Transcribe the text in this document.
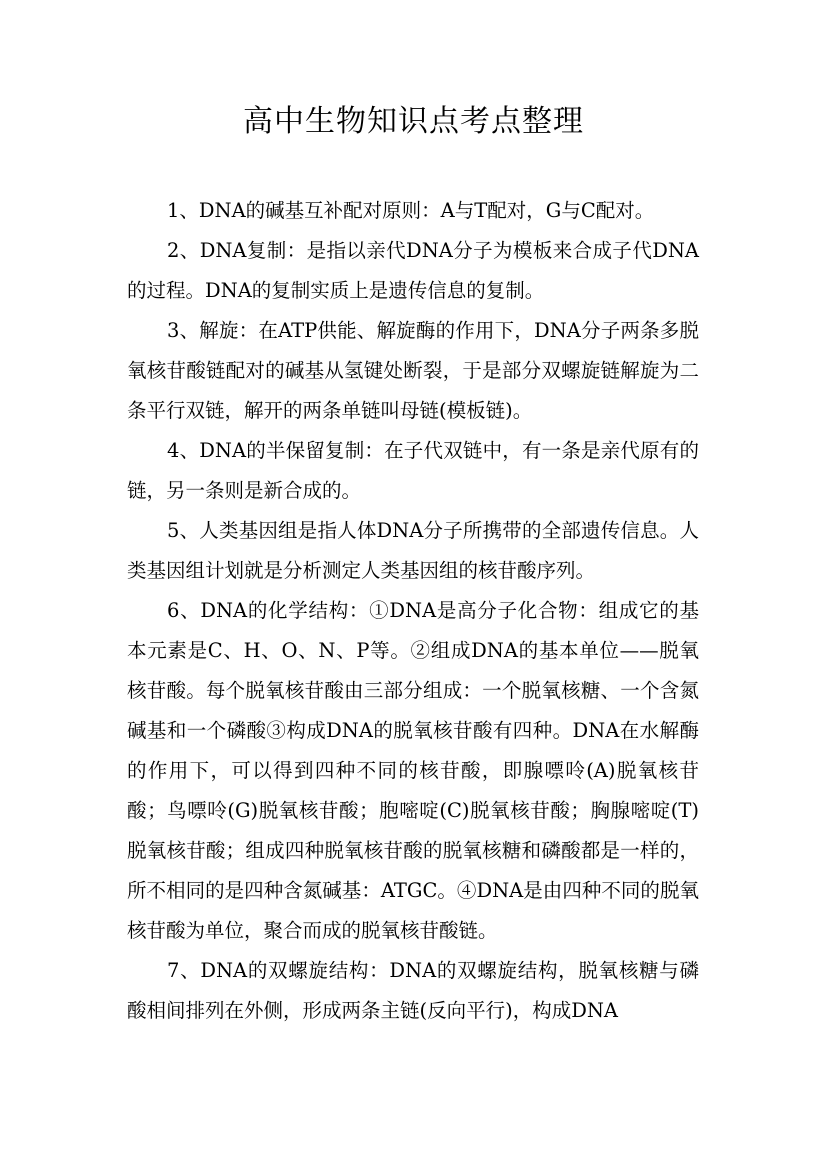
高中生物知识点考点整理

1、DNA的碱基互补配对原则：A与T配对，G与C配对。

2、DNA复制：是指以亲代DNA分子为模板来合成子代DNA的过程。DNA的复制实质上是遗传信息的复制。

3、解旋：在ATP供能、解旋酶的作用下，DNA分子两条多脱氧核苷酸链配对的碱基从氢键处断裂，于是部分双螺旋链解旋为二条平行双链，解开的两条单链叫母链(模板链)。

4、DNA的半保留复制：在子代双链中，有一条是亲代原有的链，另一条则是新合成的。

5、人类基因组是指人体DNA分子所携带的全部遗传信息。人类基因组计划就是分析测定人类基因组的核苷酸序列。

6、DNA的化学结构：①DNA是高分子化合物：组成它的基本元素是C、H、O、N、P等。②组成DNA的基本单位——脱氧核苷酸。每个脱氧核苷酸由三部分组成：一个脱氧核糖、一个含氮碱基和一个磷酸③构成DNA的脱氧核苷酸有四种。DNA在水解酶的作用下，可以得到四种不同的核苷酸，即腺嘌呤(A)脱氧核苷酸；鸟嘌呤(G)脱氧核苷酸；胞嘧啶(C)脱氧核苷酸；胸腺嘧啶(T)脱氧核苷酸；组成四种脱氧核苷酸的脱氧核糖和磷酸都是一样的，所不相同的是四种含氮碱基：ATGC。④DNA是由四种不同的脱氧核苷酸为单位，聚合而成的脱氧核苷酸链。

7、DNA的双螺旋结构：DNA的双螺旋结构，脱氧核糖与磷酸相间排列在外侧，形成两条主链(反向平行)，构成DNA
